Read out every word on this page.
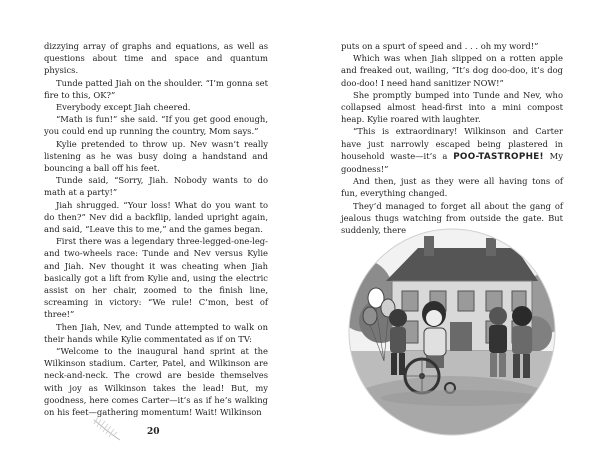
dizzying array of graphs and equations, as well as questions about time and space and quantum physics.

Tunde patted Jiah on the shoulder. “I’m gonna set fire to this, OK?”

Everybody except Jiah cheered.

“Math is fun!” she said. “If you get good enough, you could end up running the country, Mom says.”

Kylie pretended to throw up. Nev wasn’t really listening as he was busy doing a handstand and bouncing a ball off his feet.

Tunde said, “Sorry, Jiah. Nobody wants to do math at a party!”

Jiah shrugged. “Your loss! What do you want to do then?” Nev did a backflip, landed upright again, and said, “Leave this to me,” and the games began.

First there was a legendary three-legged-one-leg-and two-wheels race: Tunde and Nev versus Kylie and Jiah. Nev thought it was cheating when Jiah basically got a lift from Kylie and, using the electric assist on her chair, zoomed to the finish line, screaming in victory: “We rule! C’mon, best of three!”

Then Jiah, Nev, and Tunde attempted to walk on their hands while Kylie commentated as if on TV:

“Welcome to the inaugural hand sprint at the Wilkinson stadium. Carter, Patel, and Wilkinson are neck-and-neck. The crowd are beside themselves with joy as Wilkinson takes the lead! But, my goodness, here comes Carter—it’s as if he’s walking on his feet—gathering momentum! Wait! Wilkinson

20

puts on a spurt of speed and . . . oh my word!”

Which was when Jiah slipped on a rotten apple and freaked out, wailing, “It’s dog doo-doo, it’s dog doo-doo! I need hand sanitizer NOW!”

She promptly bumped into Tunde and Nev, who collapsed almost head-first into a mini compost heap. Kylie roared with laughter.

“This is extraordinary! Wilkinson and Carter have just narrowly escaped being plastered in household waste—it’s a POO-TASTROPHE! My goodness!”

And then, just as they were all having tons of fun, everything changed.

They’d managed to forget all about the gang of jealous thugs watching from outside the gate. But suddenly, there
